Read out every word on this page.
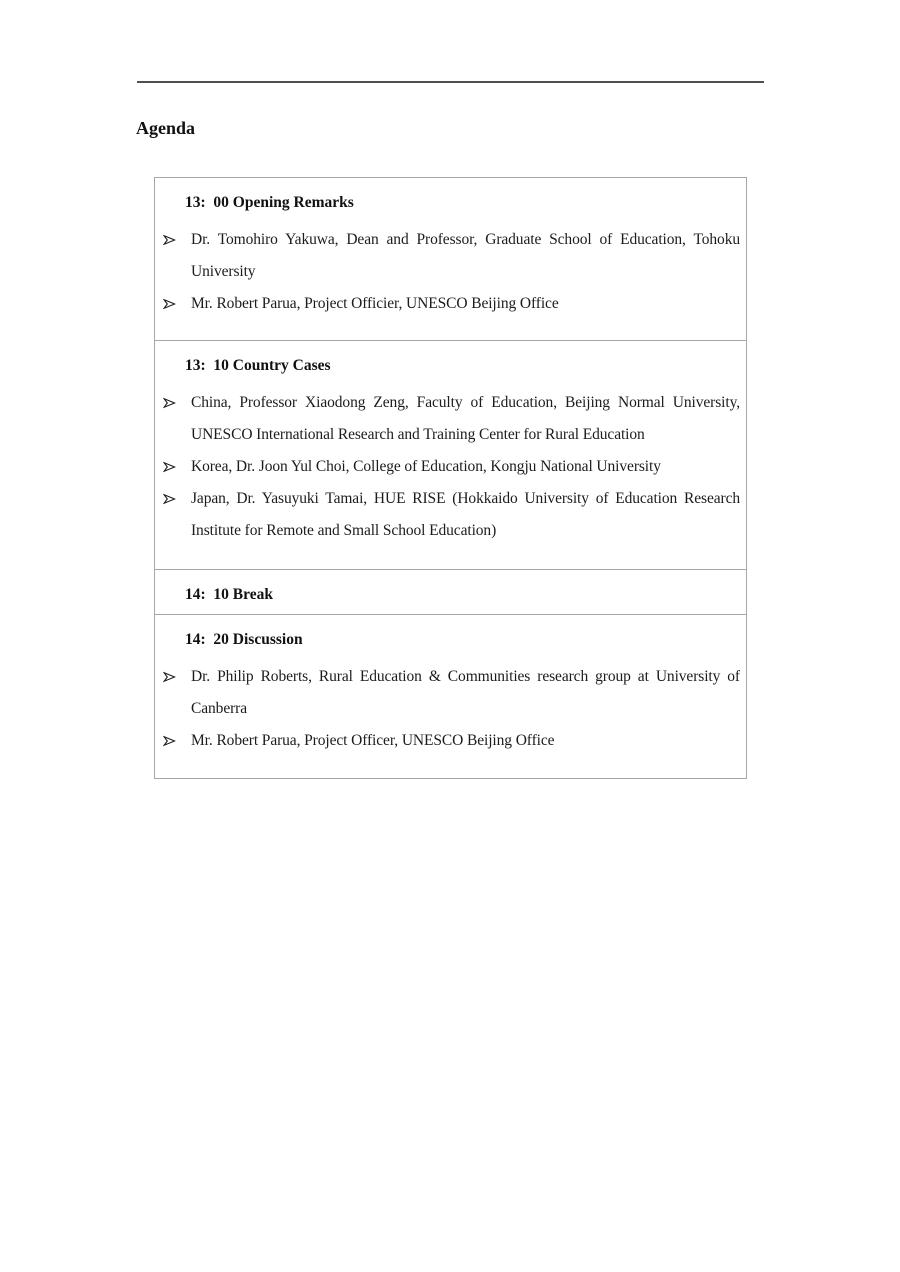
Agenda

13:  00 Opening Remarks

Dr. Tomohiro Yakuwa, Dean and Professor, Graduate School of Education, Tohoku University
Mr. Robert Parua, Project Officier, UNESCO Beijing Office

13:  10 Country Cases

China, Professor Xiaodong Zeng, Faculty of Education, Beijing Normal University, UNESCO International Research and Training Center for Rural Education
Korea, Dr. Joon Yul Choi, College of Education, Kongju National University
Japan, Dr. Yasuyuki Tamai, HUE RISE (Hokkaido University of Education Research Institute for Remote and Small School Education)

14:  10 Break

14:  20 Discussion

Dr. Philip Roberts, Rural Education & Communities research group at University of Canberra
Mr. Robert Parua, Project Officer, UNESCO Beijing Office
